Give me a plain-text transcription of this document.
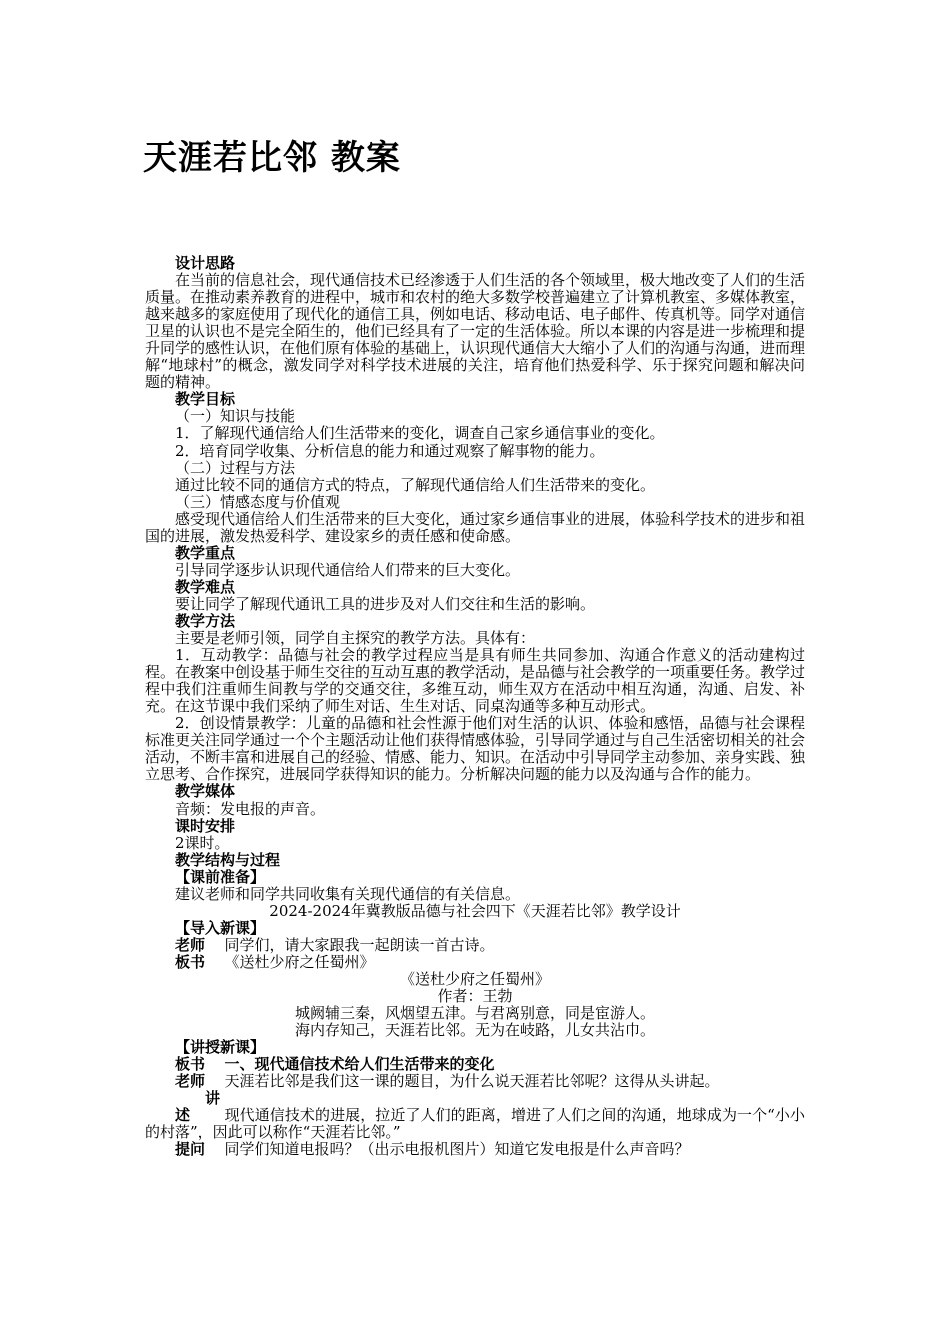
天涯若比邻 教案

设计思路

在当前的信息社会，现代通信技术已经渗透于人们生活的各个领域里，极大地改变了人们的生活质量。在推动素养教育的进程中，城市和农村的绝大多数学校普遍建立了计算机教室、多媒体教室，越来越多的家庭使用了现代化的通信工具，例如电话、移动电话、电子邮件、传真机等。同学对通信卫星的认识也不是完全陌生的，他们已经具有了一定的生活体验。所以本课的内容是进一步梳理和提升同学的感性认识，在他们原有体验的基础上，认识现代通信大大缩小了人们的沟通与沟通，进而理解“地球村”的概念，激发同学对科学技术进展的关注，培育他们热爱科学、乐于探究问题和解决问题的精神。

教学目标

（一）知识与技能

1．了解现代通信给人们生活带来的变化，调查自己家乡通信事业的变化。

2．培育同学收集、分析信息的能力和通过观察了解事物的能力。

（二）过程与方法

通过比较不同的通信方式的特点，了解现代通信给人们生活带来的变化。

（三）情感态度与价值观

感受现代通信给人们生活带来的巨大变化，通过家乡通信事业的进展，体验科学技术的进步和祖国的进展，激发热爱科学、建设家乡的责任感和使命感。

教学重点

引导同学逐步认识现代通信给人们带来的巨大变化。

教学难点

要让同学了解现代通讯工具的进步及对人们交往和生活的影响。

教学方法

主要是老师引领，同学自主探究的教学方法。具体有：

1．互动教学：品德与社会的教学过程应当是具有师生共同参加、沟通合作意义的活动建构过程。在教案中创设基于师生交往的互动互惠的教学活动，是品德与社会教学的一项重要任务。教学过程中我们注重师生间教与学的交通交往，多维互动，师生双方在活动中相互沟通，沟通、启发、补充。在这节课中我们采纳了师生对话、生生对话、同桌沟通等多种互动形式。

2．创设情景教学：儿童的品德和社会性源于他们对生活的认识、体验和感悟，品德与社会课程标准更关注同学通过一个个主题活动让他们获得情感体验，引导同学通过与自己生活密切相关的社会活动，不断丰富和进展自己的经验、情感、能力、知识。在活动中引导同学主动参加、亲身实践、独立思考、合作探究，进展同学获得知识的能力。分析解决问题的能力以及沟通与合作的能力。

教学媒体

音频：发电报的声音。

课时安排

2课时。

教学结构与过程

【课前准备】

建议老师和同学共同收集有关现代通信的有关信息。

2024-2024年冀教版品德与社会四下《天涯若比邻》教学设计

【导入新课】

老师 同学们，请大家跟我一起朗读一首古诗。

板书 《送杜少府之任蜀州》

《送杜少府之任蜀州》

作者：王勃

城阙辅三秦，风烟望五津。与君离别意，同是宦游人。

海内存知己，天涯若比邻。无为在岐路，儿女共沾巾。

【讲授新课】

板书 一、现代通信技术给人们生活带来的变化

老师 天涯若比邻是我们这一课的题目，为什么说天涯若比邻呢？这得从头讲起。

讲述 现代通信技术的进展，拉近了人们的距离，增进了人们之间的沟通，地球成为一个“小小的村落”，因此可以称作“天涯若比邻。”

提问 同学们知道电报吗？（出示电报机图片）知道它发电报是什么声音吗？
